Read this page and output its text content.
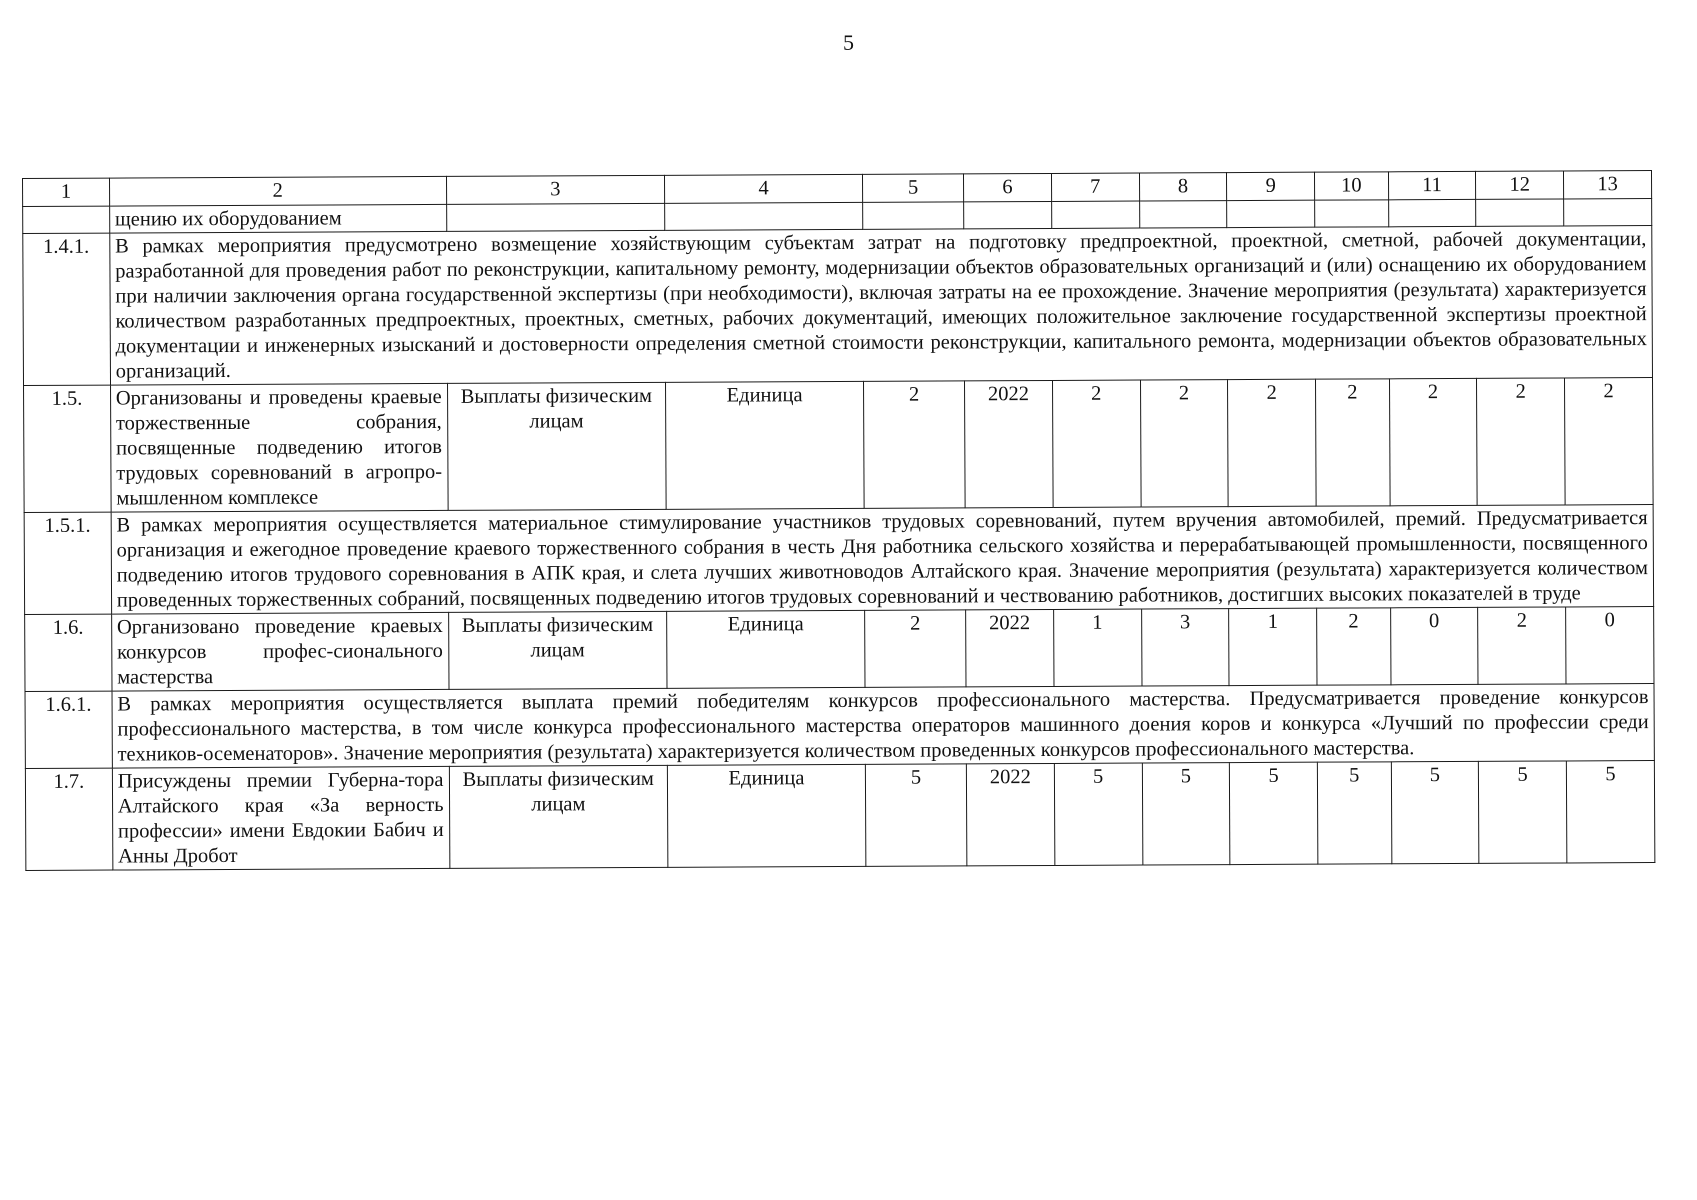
5
1	2	3	4	5	6	7	8	9	10	11	12	13
	щению их оборудованием											
1.4.1.	В рамках мероприятия предусмотрено возмещение хозяйствующим субъектам затрат на подготовку предпроектной, проектной, сметной, рабочей документации, разработанной для проведения работ по реконструкции, капитальному ремонту, модернизации объектов образовательных организаций и (или) оснащению их оборудованием при наличии заключения органа государственной экспертизы (при необходимости), включая затраты на ее прохождение. Значение мероприятия (результата) характеризуется количеством разработанных предпроектных, проектных, сметных, рабочих документаций, имеющих положительное заключение государственной экспертизы проектной документации и инженерных изысканий и достоверности определения сметной стоимости реконструкции, капитального ремонта, модернизации объектов образовательных организаций.											
1.5.	Организованы и проведены краевые торжественные собрания, посвященные подведению итогов трудовых соревнований в агропро-мышленном комплексе	Выплаты физическим лицам	Единица	2	2022	2	2	2	2	2	2	2
1.5.1.	В рамках мероприятия осуществляется материальное стимулирование участников трудовых соревнований, путем вручения автомобилей, премий. Предусматривается организация и ежегодное проведение краевого торжественного собрания в честь Дня работника сельского хозяйства и перерабатывающей промышленности, посвященного подведению итогов трудового соревнования в АПК края, и слета лучших животноводов Алтайского края. Значение мероприятия (результата) характеризуется количеством проведенных торжественных собраний, посвященных подведению итогов трудовых соревнований и чествованию работников, достигших высоких показателей в труде											
1.6.	Организовано проведение краевых конкурсов профес-сионального мастерства	Выплаты физическим лицам	Единица	2	2022	1	3	1	2	0	2	0
1.6.1.	В рамках мероприятия осуществляется выплата премий победителям конкурсов профессионального мастерства. Предусматривается проведение конкурсов профессионального мастерства, в том числе конкурса профессионального мастерства операторов машинного доения коров и конкурса «Лучший по профессии среди техников-осеменаторов». Значение мероприятия (результата) характеризуется количеством проведенных конкурсов профессионального мастерства.											
1.7.	Присуждены премии Губерна-тора Алтайского края «За верность профессии» имени Евдокии Бабич и Анны Дробот	Выплаты физическим лицам	Единица	5	2022	5	5	5	5	5	5	5
